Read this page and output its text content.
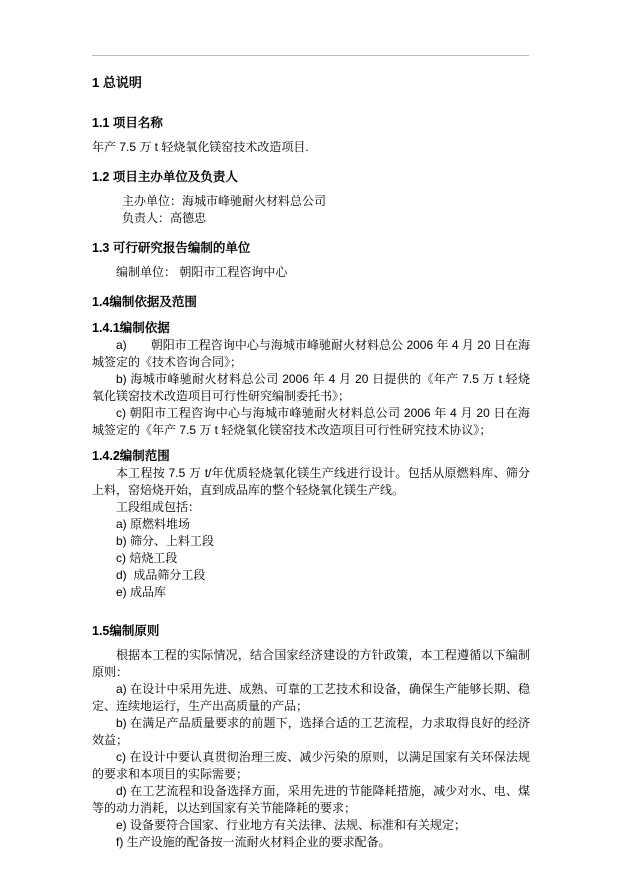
1 总说明
1.1 项目名称

年产 7.5 万 t 轻烧氧化镁窑技术改造项目.

1.2 项目主办单位及负责人

主办单位：海城市峰驰耐火材料总公司

负责人：高德忠

1.3 可行研究报告编制的单位

编制单位： 朝阳市工程咨询中心

1.4编制依据及范围
1.4.1编制依据

a)　　朝阳市工程咨询中心与海城市峰驰耐火材料总公 2006 年 4 月 20 日在海城签定的《技术咨询合同》；

b) 海城市峰驰耐火材料总公司 2006 年 4 月 20 日提供的《年产 7.5 万 t 轻烧氧化镁窑技术改造项目可行性研究编制委托书》；

c) 朝阳市工程咨询中心与海城市峰驰耐火材料总公司 2006 年 4 月 20 日在海城签定的《年产 7.5 万 t 轻烧氧化镁窑技术改造项目可行性研究技术协议》；

1.4.2编制范围

本工程按 7.5 万 t/年优质轻烧氧化镁生产线进行设计。包括从原燃料库、筛分上料，窑焙烧开始，直到成品库的整个轻烧氧化镁生产线。

工段组成包括：

a) 原燃料堆场

b) 筛分、上料工段

c) 焙烧工段

d)  成品筛分工段

e) 成品库

1.5编制原则

根据本工程的实际情况，结合国家经济建设的方针政策，本工程遵循以下编制原则：

a) 在设计中采用先进、成熟、可靠的工艺技术和设备，确保生产能够长期、稳定、连续地运行，生产出高质量的产品；

b) 在满足产品质量要求的前题下，选择合适的工艺流程，力求取得良好的经济效益；

c) 在设计中要认真贯彻治理三废、减少污染的原则，以满足国家有关环保法规的要求和本项目的实际需要；

d) 在工艺流程和设备选择方面，采用先进的节能降耗措施，减少对水、电、煤等的动力消耗，以达到国家有关节能降耗的要求；

e) 设备要符合国家、行业地方有关法律、法规、标准和有关规定；

f) 生产设施的配备按一流耐火材料企业的要求配备。
